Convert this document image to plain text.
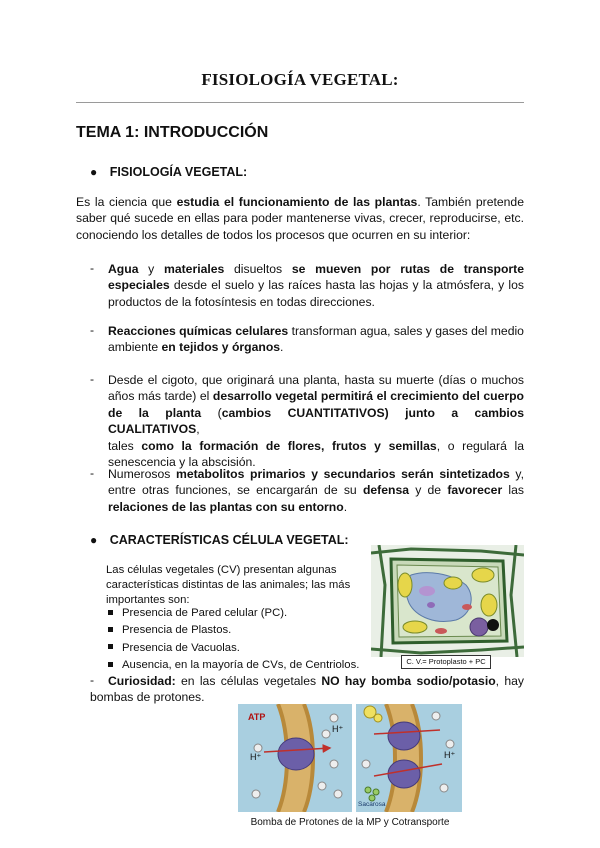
FISIOLOGÍA VEGETAL:
TEMA 1: INTRODUCCIÓN
● FISIOLOGÍA VEGETAL:
Es la ciencia que estudia el funcionamiento de las plantas. También pretende
saber qué sucede en ellas para poder mantenerse vivas, crecer, reproducirse, etc.
conociendo los detalles de todos los procesos que ocurren en su interior:
- Agua y materiales disueltos se mueven por rutas de transporte
especiales desde el suelo y las raíces hasta las hojas y la atmósfera, y los
productos de la fotosíntesis en todas direcciones.
- Reacciones químicas celulares transforman agua, sales y gases del medio
ambiente en tejidos y órganos.
- Desde el cigoto, que originará una planta, hasta su muerte (días o muchos
años más tarde) el desarrollo vegetal permitirá el crecimiento del cuerpo
de la planta (cambios CUANTITATIVOS) junto a cambios CUALITATIVOS,
tales como la formación de flores, frutos y semillas, o regulará la
senescencia y la abscisión.
- Numerosos metabolitos primarios y secundarios serán sintetizados y,
entre otras funciones, se encargarán de su defensa y de favorecer las
relaciones de las plantas con su entorno.
● CARACTERÍSTICAS CÉLULA VEGETAL:
Las células vegetales (CV) presentan algunas
características distintas de las animales; las más
importantes son:
Presencia de Pared celular (PC).
Presencia de Plastos.
Presencia de Vacuolas.
Ausencia, en la mayoría de CVs, de Centriolos.	C. V.= Protoplasto + PC
- Curiosidad: en las células vegetales NO hay bomba sodio/potasio, hay
bombas de protones.
ATP
H⁺
H⁺
H⁺
Sacarosa
Bomba de Protones de la MP y Cotransporte
